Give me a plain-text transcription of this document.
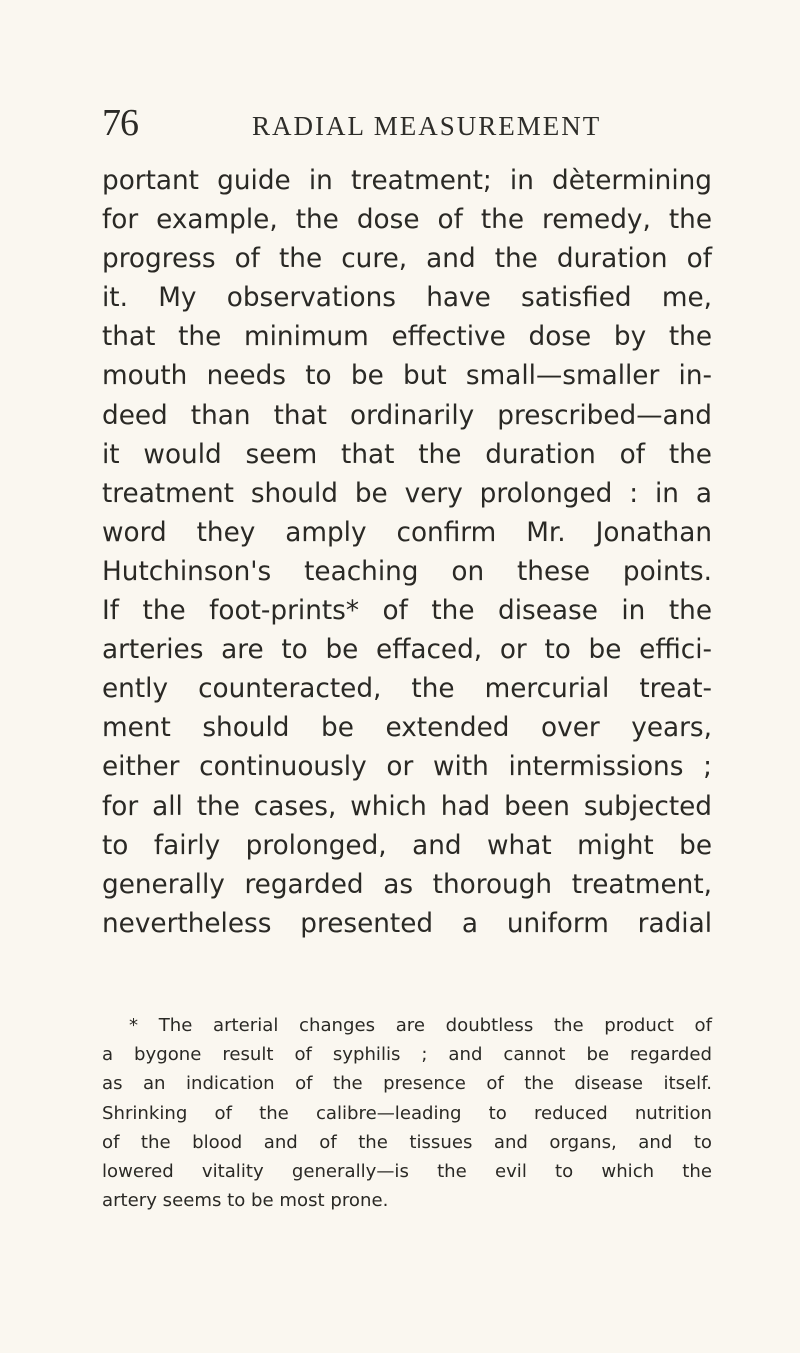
76	RADIAL MEASUREMENT
portant guide in treatment; in dètermining
for example, the dose of the remedy, the
progress of the cure, and the duration of
it. My observations have satisfied me,
that the minimum effective dose by the
mouth needs to be but small—smaller in-
deed than that ordinarily prescribed—and
it would seem that the duration of the
treatment should be very prolonged : in a
word they amply confirm Mr. Jonathan
Hutchinson's teaching on these points.
If the foot-prints* of the disease in the
arteries are to be effaced, or to be effici-
ently counteracted, the mercurial treat-
ment should be extended over years,
either continuously or with intermissions ;
for all the cases, which had been subjected
to fairly prolonged, and what might be
generally regarded as thorough treatment,
nevertheless presented a uniform radial
* The arterial changes are doubtless the product of
a bygone result of syphilis ; and cannot be regarded
as an indication of the presence of the disease itself.
Shrinking of the calibre—leading to reduced nutrition
of the blood and of the tissues and organs, and to
lowered vitality generally—is the evil to which the
artery seems to be most prone.
